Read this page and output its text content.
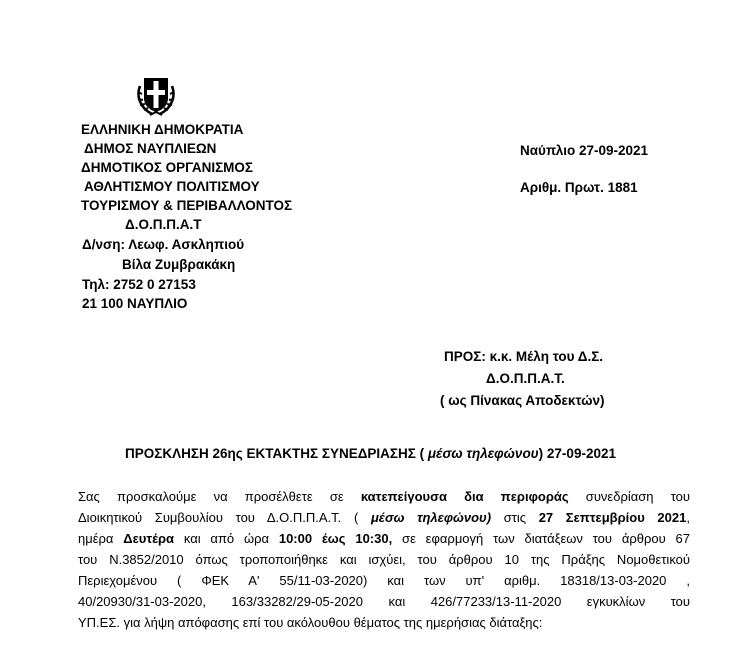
ΕΛΛΗΝΙΚΗ ΔΗΜΟΚΡΑΤΙΑ
ΔΗΜΟΣ ΝΑΥΠΛΙΕΩΝ
ΔΗΜΟΤΙΚΟΣ ΟΡΓΑΝΙΣΜΟΣ
ΑΘΛΗΤΙΣΜΟΥ ΠΟΛΙΤΙΣΜΟΥ
ΤΟΥΡΙΣΜΟΥ & ΠΕΡΙΒΑΛΛΟΝΤΟΣ
Δ.Ο.Π.Π.Α.Τ
Δ/νση: Λεωφ. Ασκληπιού
Βίλα Ζυμβρακάκη
Τηλ: 2752 0 27153
21 100 ΝΑΥΠΛΙΟ
Ναύπλιο 27-09-2021
Αριθμ. Πρωτ. 1881
ΠΡΟΣ: κ.κ. Μέλη του Δ.Σ.
Δ.Ο.Π.Π.Α.Τ.
( ως Πίνακας Αποδεκτών)
ΠΡΟΣΚΛΗΣΗ 26ης ΕΚΤΑΚΤΗΣ ΣΥΝΕΔΡΙΑΣΗΣ ( μέσω τηλεφώνου) 27-09-2021
Σας προσκαλούμε να προσέλθετε σε κατεπείγουσα δια περιφοράς συνεδρίαση του
Διοικητικού Συμβουλίου του Δ.Ο.Π.Π.Α.Τ. ( μέσω τηλεφώνου) στις 27 Σεπτεμβρίου 2021,
ημέρα Δευτέρα και από ώρα 10:00 έως 10:30, σε εφαρμογή των διατάξεων του άρθρου 67
του Ν.3852/2010 όπως τροποποιήθηκε και ισχύει, του άρθρου 10 της Πράξης Νομοθετικού
Περιεχομένου ( ΦΕΚ Α' 55/11-03-2020) και των υπ' αριθμ. 18318/13-03-2020 ,
40/20930/31-03-2020, 163/33282/29-05-2020 και 426/77233/13-11-2020 εγκυκλίων του
ΥΠ.ΕΣ. για λήψη απόφασης επί του ακόλουθου θέματος της ημερήσιας διάταξης:
